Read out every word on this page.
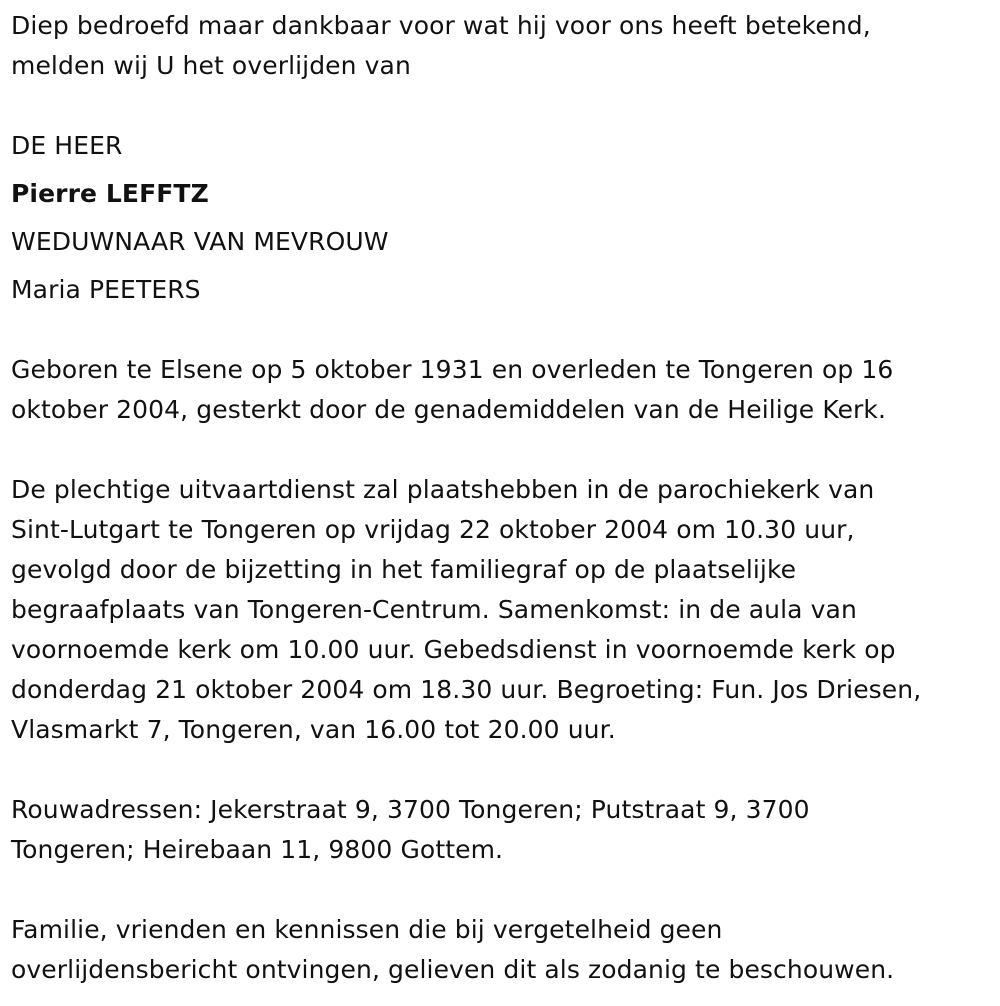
Diep bedroefd maar dankbaar voor wat hij voor ons heeft betekend,
melden wij U het overlijden van
DE HEER
Pierre LEFFTZ
WEDUWNAAR VAN MEVROUW
Maria PEETERS
Geboren te Elsene op 5 oktober 1931 en overleden te Tongeren op 16
oktober 2004, gesterkt door de genademiddelen van de Heilige Kerk.
De plechtige uitvaartdienst zal plaatshebben in de parochiekerk van
Sint-Lutgart te Tongeren op vrijdag 22 oktober 2004 om 10.30 uur,
gevolgd door de bijzetting in het familiegraf op de plaatselijke
begraafplaats van Tongeren-Centrum. Samenkomst: in de aula van
voornoemde kerk om 10.00 uur. Gebedsdienst in voornoemde kerk op
donderdag 21 oktober 2004 om 18.30 uur. Begroeting: Fun. Jos Driesen,
Vlasmarkt 7, Tongeren, van 16.00 tot 20.00 uur.
Rouwadressen: Jekerstraat 9, 3700 Tongeren; Putstraat 9, 3700
Tongeren; Heirebaan 11, 9800 Gottem.
Familie, vrienden en kennissen die bij vergetelheid geen
overlijdensbericht ontvingen, gelieven dit als zodanig te beschouwen.
